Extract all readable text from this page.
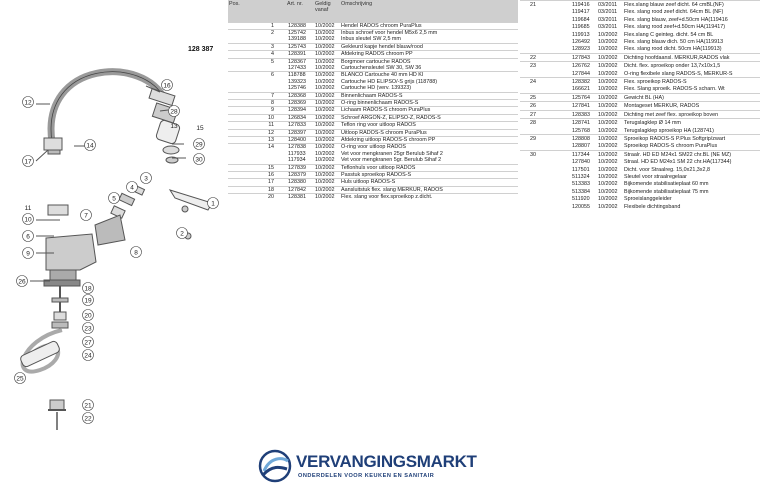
12
17
10
11
14
9
26
16
28
29
30
3
4
5
7
8
1
2
6
18
19
20
23
27
24
25
21
22
13	15
128 387
Pos.	Art. nr.	Geldig vanaf	Omschrijving
1	128388	10/2002	Hendel RADOS chroom PuraPlus
2	125742	10/2002	Inbus schroef voor hendel M5x6 2,5 mm
	139188	10/2002	Inbus sleutel SW 2,5 mm
3	125743	10/2002	Gekleurd kapje hendel blauw/rood
4	128391	10/2002	Afdekring RADOS chroom PP
5	128367	10/2002	Borgmoer cartouche RADOS
	127433	10/2002	Cartouchensleutel SW 30, SW 36
6	118788	10/2002	BLANCO Cartouche 40 mm HD KI
	139323	10/2002	Cartouche HD ELIPSO/-S grijs (118788)
	125746	10/2002	Cartouche HD (verv. 139323)
7	128368	10/2002	Binnenlichaam RADOS-S
8	128369	10/2002	O-ring binnenlichaam RADOS-S
9	128394	10/2002	Lichaam RADOS-S chroom PuraPlus
10	126834	10/2002	Schroef ARGON-Z, ELIPSO-Z, RADOS-S
11	127833	10/2002	Teflon ring voor uitloop RADOS
12	128397	10/2002	Uitloop RADOS-S chroom PuraPlus
13	128400	10/2002	Afdekring uitloop RADOS-S chroom PP
14	127838	10/2002	O-ring voor uitloop RADOS
	117933	10/2002	Vet voor mengkranen 25gr Berulub Sihaf 2
	117934	10/2002	Vet voor mengkranen 5gr. Berulub Sihaf 2
15	127839	10/2002	Teflonhuls voor uitloop RADOS
16	128379	10/2002	Passtuk sproeikop RADOS-S
17	128380	10/2002	Huls uitloop RADOS-S
18	127842	10/2002	Aansluitstuk flex. slang MERKUR, RADOS
20	128381	10/2002	Flex. slang voor flex.sproeikop z.dicht.
21	119416	03/2011	Flex.slang blauw zeef dicht. 64 cmBL(NF)
	119417	03/2011	Flex. slang rood zeef dicht. 64cm BL (NF)
	119684	03/2011	Flex. slang blauw, zeef+d.50cm HA(119416
	119685	03/2011	Flex. slang rood zeef+d.50cm HA(119417)
	119913	10/2002	Flex.slang C geinteg. dicht. 54 cm BL
	126492	10/2002	Flex. slang blauw dich. 50 cm HA(119913
	128923	10/2002	Flex. slang rood dicht. 50cm HA(119913)
22	127843	10/2002	Dichting hoofdaansl. MERKUR,RADOS vlak
23	126762	10/2002	Dicht. flex. sproeikop onder 13,7x10x1,5
	127844	10/2002	O-ring flexibele slang RADOS-S, MERKUR-S
24	128382	10/2002	Flex. sproeikop RADOS-S
	166621	10/2002	Flex. Slang sproeik. RADOS-S scharn. Wt
25	125764	10/2002	Gewicht BL (HA)
26	127841	10/2002	Montageset MERKUR, RADOS
27	128383	10/2002	Dichting met zeef flex. sproeikop boven
28	128741	10/2002	Terugslagklep Ø 14 mm
	125768	10/2002	Terugslagklep sproeikop HA (128741)
29	128808	10/2002	Sproeikop RADOS-S P.Plus Softgrip/zwart
	128807	10/2002	Sproeikop RADOS-S chroom PuraPlus
30	117344	10/2002	Straalr. HD ED M24x1 SM22 chr.BL (NE MZ)
	127840	10/2002	Straal. HD ED M24x1 SM 22 chr.HA(117344)
	117501	10/2002	Dicht. voor Straalreg. 15,0x21,3x2,8
	511324	10/2002	Sleutel voor straalregelaar
	513383	10/2002	Bijkomende stabilisatieplaat 60 mm
	513384	10/2002	Bijkomende stabilisatieplaat 75 mm
	511920	10/2002	Sproeislanggeleider
	120055	10/2002	Flexibele dichtingsband
VERVANGINGSMARKT
ONDERDELEN VOOR KEUKEN EN SANITAIR
